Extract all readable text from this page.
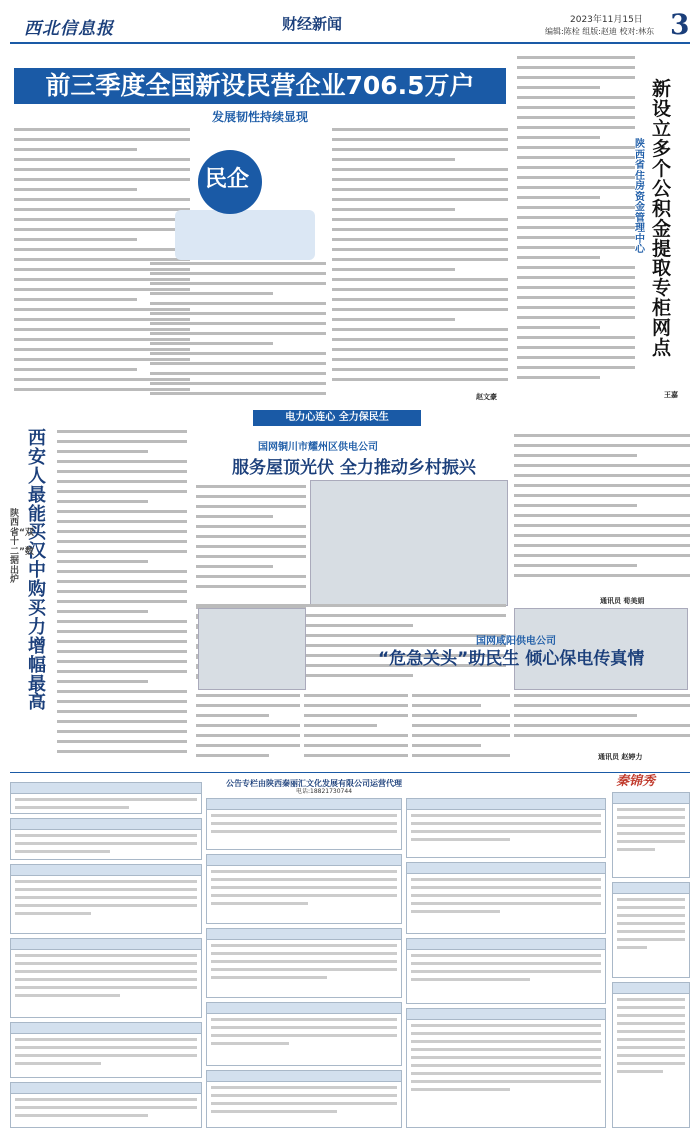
西北信息报	财经新闻	2023年11月15日
编辑:陈栓 组版:赵迪 校对:林东 3
前三季度全国新设民营企业706.5万户
发展韧性持续显现
民企
赵文豪
新设立多个公积金提取专柜网点
陕西省住房资金管理中心
王嘉
西安人最能买 汉中购买力增幅最高
陕西省“双十二”数据出炉
电力心连心 全力保民生
国网铜川市耀州区供电公司
服务屋顶光伏 全力推动乡村振兴
通讯员 荀美娟
国网咸阳供电公司
“危急关头”助民生 倾心保电传真情
通讯员 赵婷力
公告专栏由陕西秦丽汇文化发展有限公司运营代理
电话:18821730744
秦锦秀
